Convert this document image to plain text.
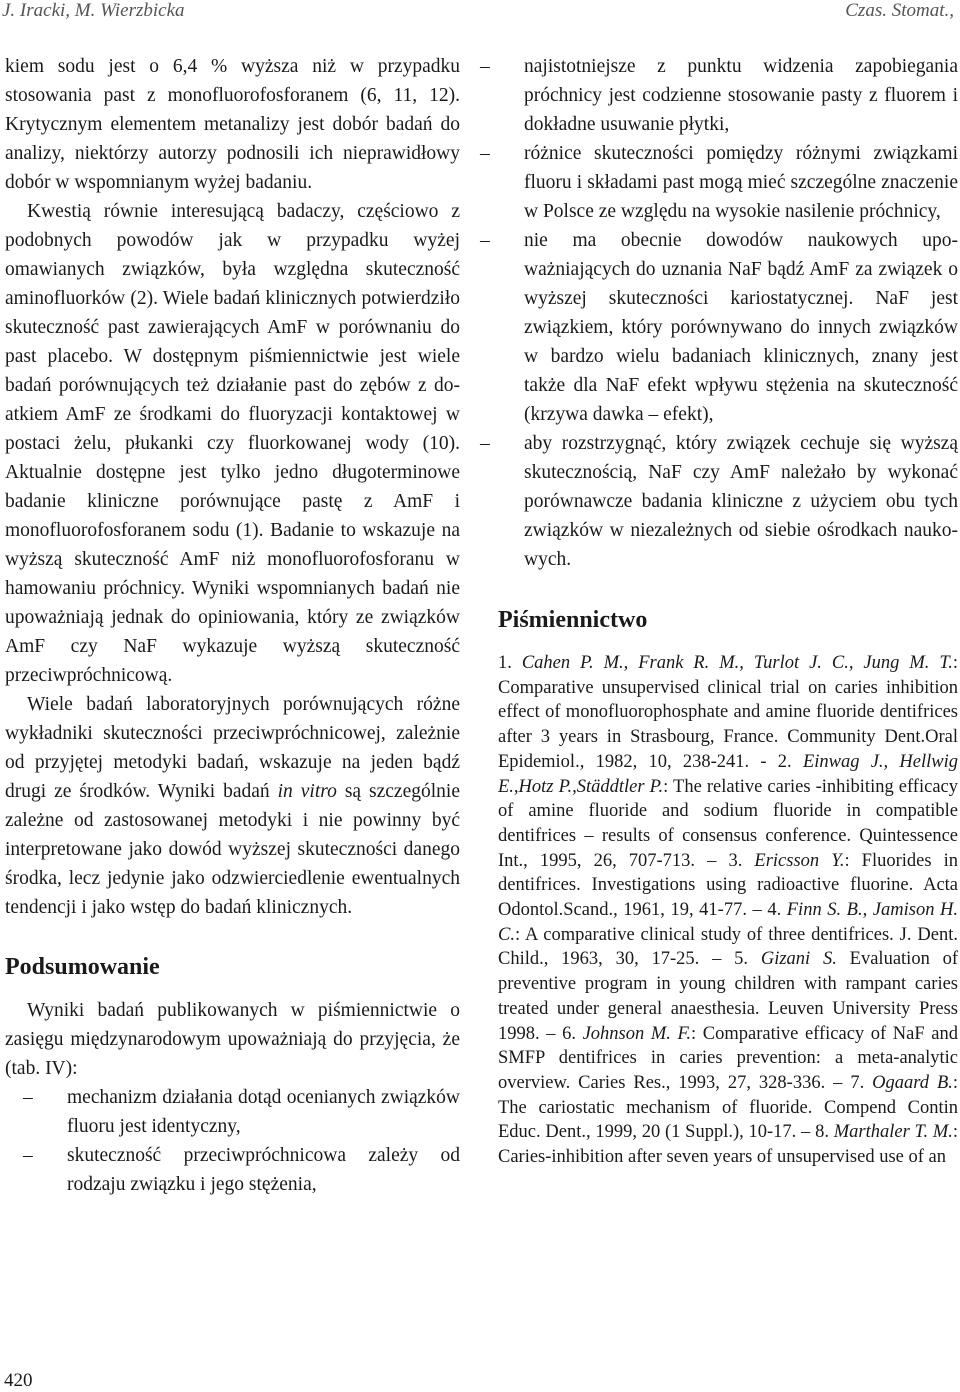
J. Iracki, M. Wierzbicka	Czas. Stomat.,

kiem sodu jest o 6,4 % wyższa niż w przypadku stosowania past z monofluorofosforanem (6, 11, 12). Krytycznym elementem metanalizy jest dobór badań do analizy, niektórzy autorzy podnosili ich nieprawidłowy dobór w wspomnianym wyżej badaniu.

Kwestią równie interesującą badaczy, częściowo z podobnych powodów jak w przypadku wyżej omawianych związków, była względna skuteczność aminofluorków (2). Wiele badań klinicznych potwierdziło skuteczność past zawierających AmF w porównaniu do past placebo. W dostępnym piśmiennictwie jest wiele badań porównujących też działanie past do zębów z doatkiem AmF ze środkami do fluoryzacji kontaktowej w postaci żelu, płukanki czy fluorkowanej wody (10). Aktualnie dostępne jest tylko jedno długoterminowe badanie kliniczne porównujące pastę z AmF i monofluorofosforanem sodu (1). Badanie to wskazuje na wyższą skuteczność AmF niż monofluorofosforanu w hamowaniu próchnicy. Wyniki wspomnianych badań nie upoważniają jednak do opiniowania, który ze związków AmF czy NaF wykazuje wyższą skuteczność przeciwpróchnicową.

Wiele badań laboratoryjnych porównujących różne wykładniki skuteczności przeciwpróchnicowej, zależnie od przyjętej metodyki badań, wskazuje na jeden bądź drugi ze środków. Wyniki badań in vitro są szczególnie zależne od zastosowanej metodyki i nie powinny być interpretowane jako dowód wyższej skuteczności danego środka, lecz jedynie jako odzwierciedlenie ewentualnych tendencji i jako wstęp do badań klinicznych.

Podsumowanie

Wyniki badań publikowanych w piśmiennictwie o zasięgu międzynarodowym upoważniają do przyjęcia, że (tab. IV):

–	mechanizm działania dotąd ocenianych związków fluoru jest identyczny,
–	skuteczność przeciwpróchnicowa zależy od rodzaju związku i jego stężenia,
–	najistotniejsze z punktu widzenia zapobiegania próchnicy jest codzienne stosowanie pasty z fluorem i dokładne usuwanie płytki,
–	różnice skuteczności pomiędzy różnymi związkami fluoru i składami past mogą mieć szczególne znaczenie w Polsce ze względu na wysokie nasilenie próchnicy,
–	nie ma obecnie dowodów naukowych upoważniających do uznania NaF bądź AmF za związek o wyższej skuteczności kariostatycznej. NaF jest związkiem, który porównywano do innych związków w bardzo wielu badaniach klinicznych, znany jest także dla NaF efekt wpływu stężenia na skuteczność (krzywa dawka – efekt),
–	aby rozstrzygnąć, który związek cechuje się wyższą skutecznością, NaF czy AmF należało by wykonać porównawcze badania kliniczne z użyciem obu tych związków w niezależnych od siebie ośrodkach naukowych.
Piśmiennictwo

1. Cahen P. M., Frank R. M., Turlot J. C., Jung M. T.: Comparative unsupervised clinical trial on caries inhibition effect of monofluorophosphate and amine fluoride dentifrices after 3 years in Strasbourg, France. Community Dent.Oral Epidemiol., 1982, 10, 238-241. - 2. Einwag J., Hellwig E.,Hotz P.,Städdtler P.: The relative caries -inhibiting efficacy of amine fluoride and sodium fluoride in compatible dentifrices – results of consensus conference. Quintessence Int., 1995, 26, 707-713. – 3. Ericsson Y.: Fluorides in dentifrices. Investigations using radioactive fluorine. Acta Odontol.Scand., 1961, 19, 41-77. – 4. Finn S. B., Jamison H. C.: A comparative clinical study of three dentifrices. J. Dent. Child., 1963, 30, 17-25. – 5. Gizani S. Evaluation of preventive program in young children with rampant caries treated under general anaesthesia. Leuven University Press 1998. – 6. Johnson M. F.: Comparative efficacy of NaF and SMFP dentifrices in caries prevention: a meta-analytic overview. Caries Res., 1993, 27, 328-336. – 7. Ogaard B.: The cariostatic mechanism of fluoride. Compend Contin Educ. Dent., 1999, 20 (1 Suppl.), 10-17. – 8. Marthaler T. M.: Caries-inhibition after seven years of unsupervised use of an

420
